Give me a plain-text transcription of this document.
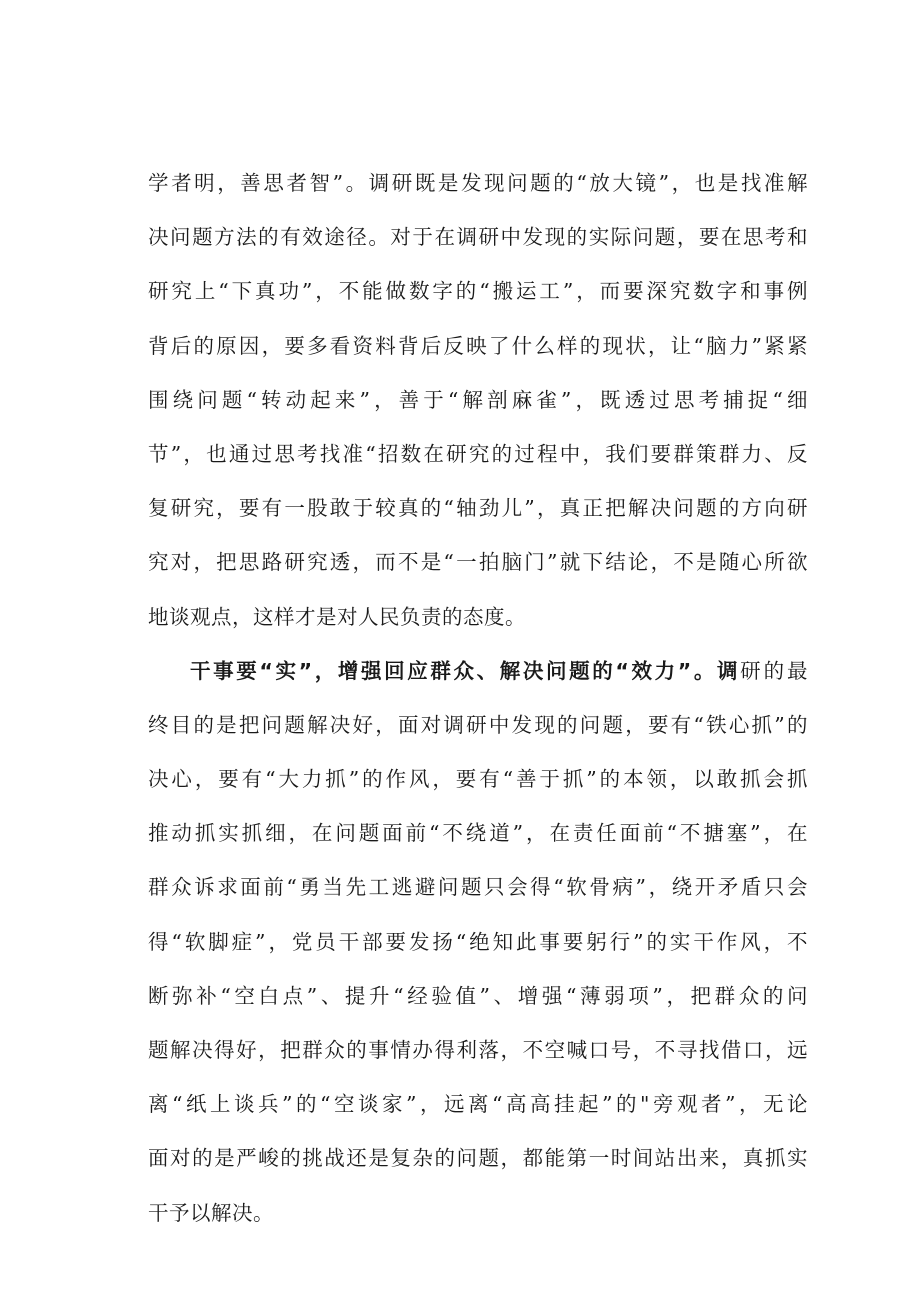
学者明，善思者智”。调研既是发现问题的“放大镜”，也是找准解
决问题方法的有效途径。对于在调研中发现的实际问题，要在思考和
研究上“下真功”，不能做数字的“搬运工”，而要深究数字和事例
背后的原因，要多看资料背后反映了什么样的现状，让“脑力”紧紧
围绕问题“转动起来”，善于“解剖麻雀”，既透过思考捕捉“细
节”，也通过思考找准“招数在研究的过程中，我们要群策群力、反
复研究，要有一股敢于较真的“轴劲儿”，真正把解决问题的方向研
究对，把思路研究透，而不是“一拍脑门”就下结论，不是随心所欲
地谈观点，这样才是对人民负责的态度。
干事要“实”，增强回应群众、解决问题的“效力”。调研的最
终目的是把问题解决好，面对调研中发现的问题，要有“铁心抓”的
决心，要有“大力抓”的作风，要有“善于抓”的本领，以敢抓会抓
推动抓实抓细，在问题面前“不绕道”，在责任面前“不搪塞”，在
群众诉求面前“勇当先工逃避问题只会得“软骨病”，绕开矛盾只会
得“软脚症”，党员干部要发扬“绝知此事要躬行”的实干作风，不
断弥补“空白点”、提升“经验值”、增强“薄弱项”，把群众的问
题解决得好，把群众的事情办得利落，不空喊口号，不寻找借口，远
离“纸上谈兵”的“空谈家”，远离“高高挂起”的"旁观者”，无论
面对的是严峻的挑战还是复杂的问题，都能第一时间站出来，真抓实
干予以解决。
